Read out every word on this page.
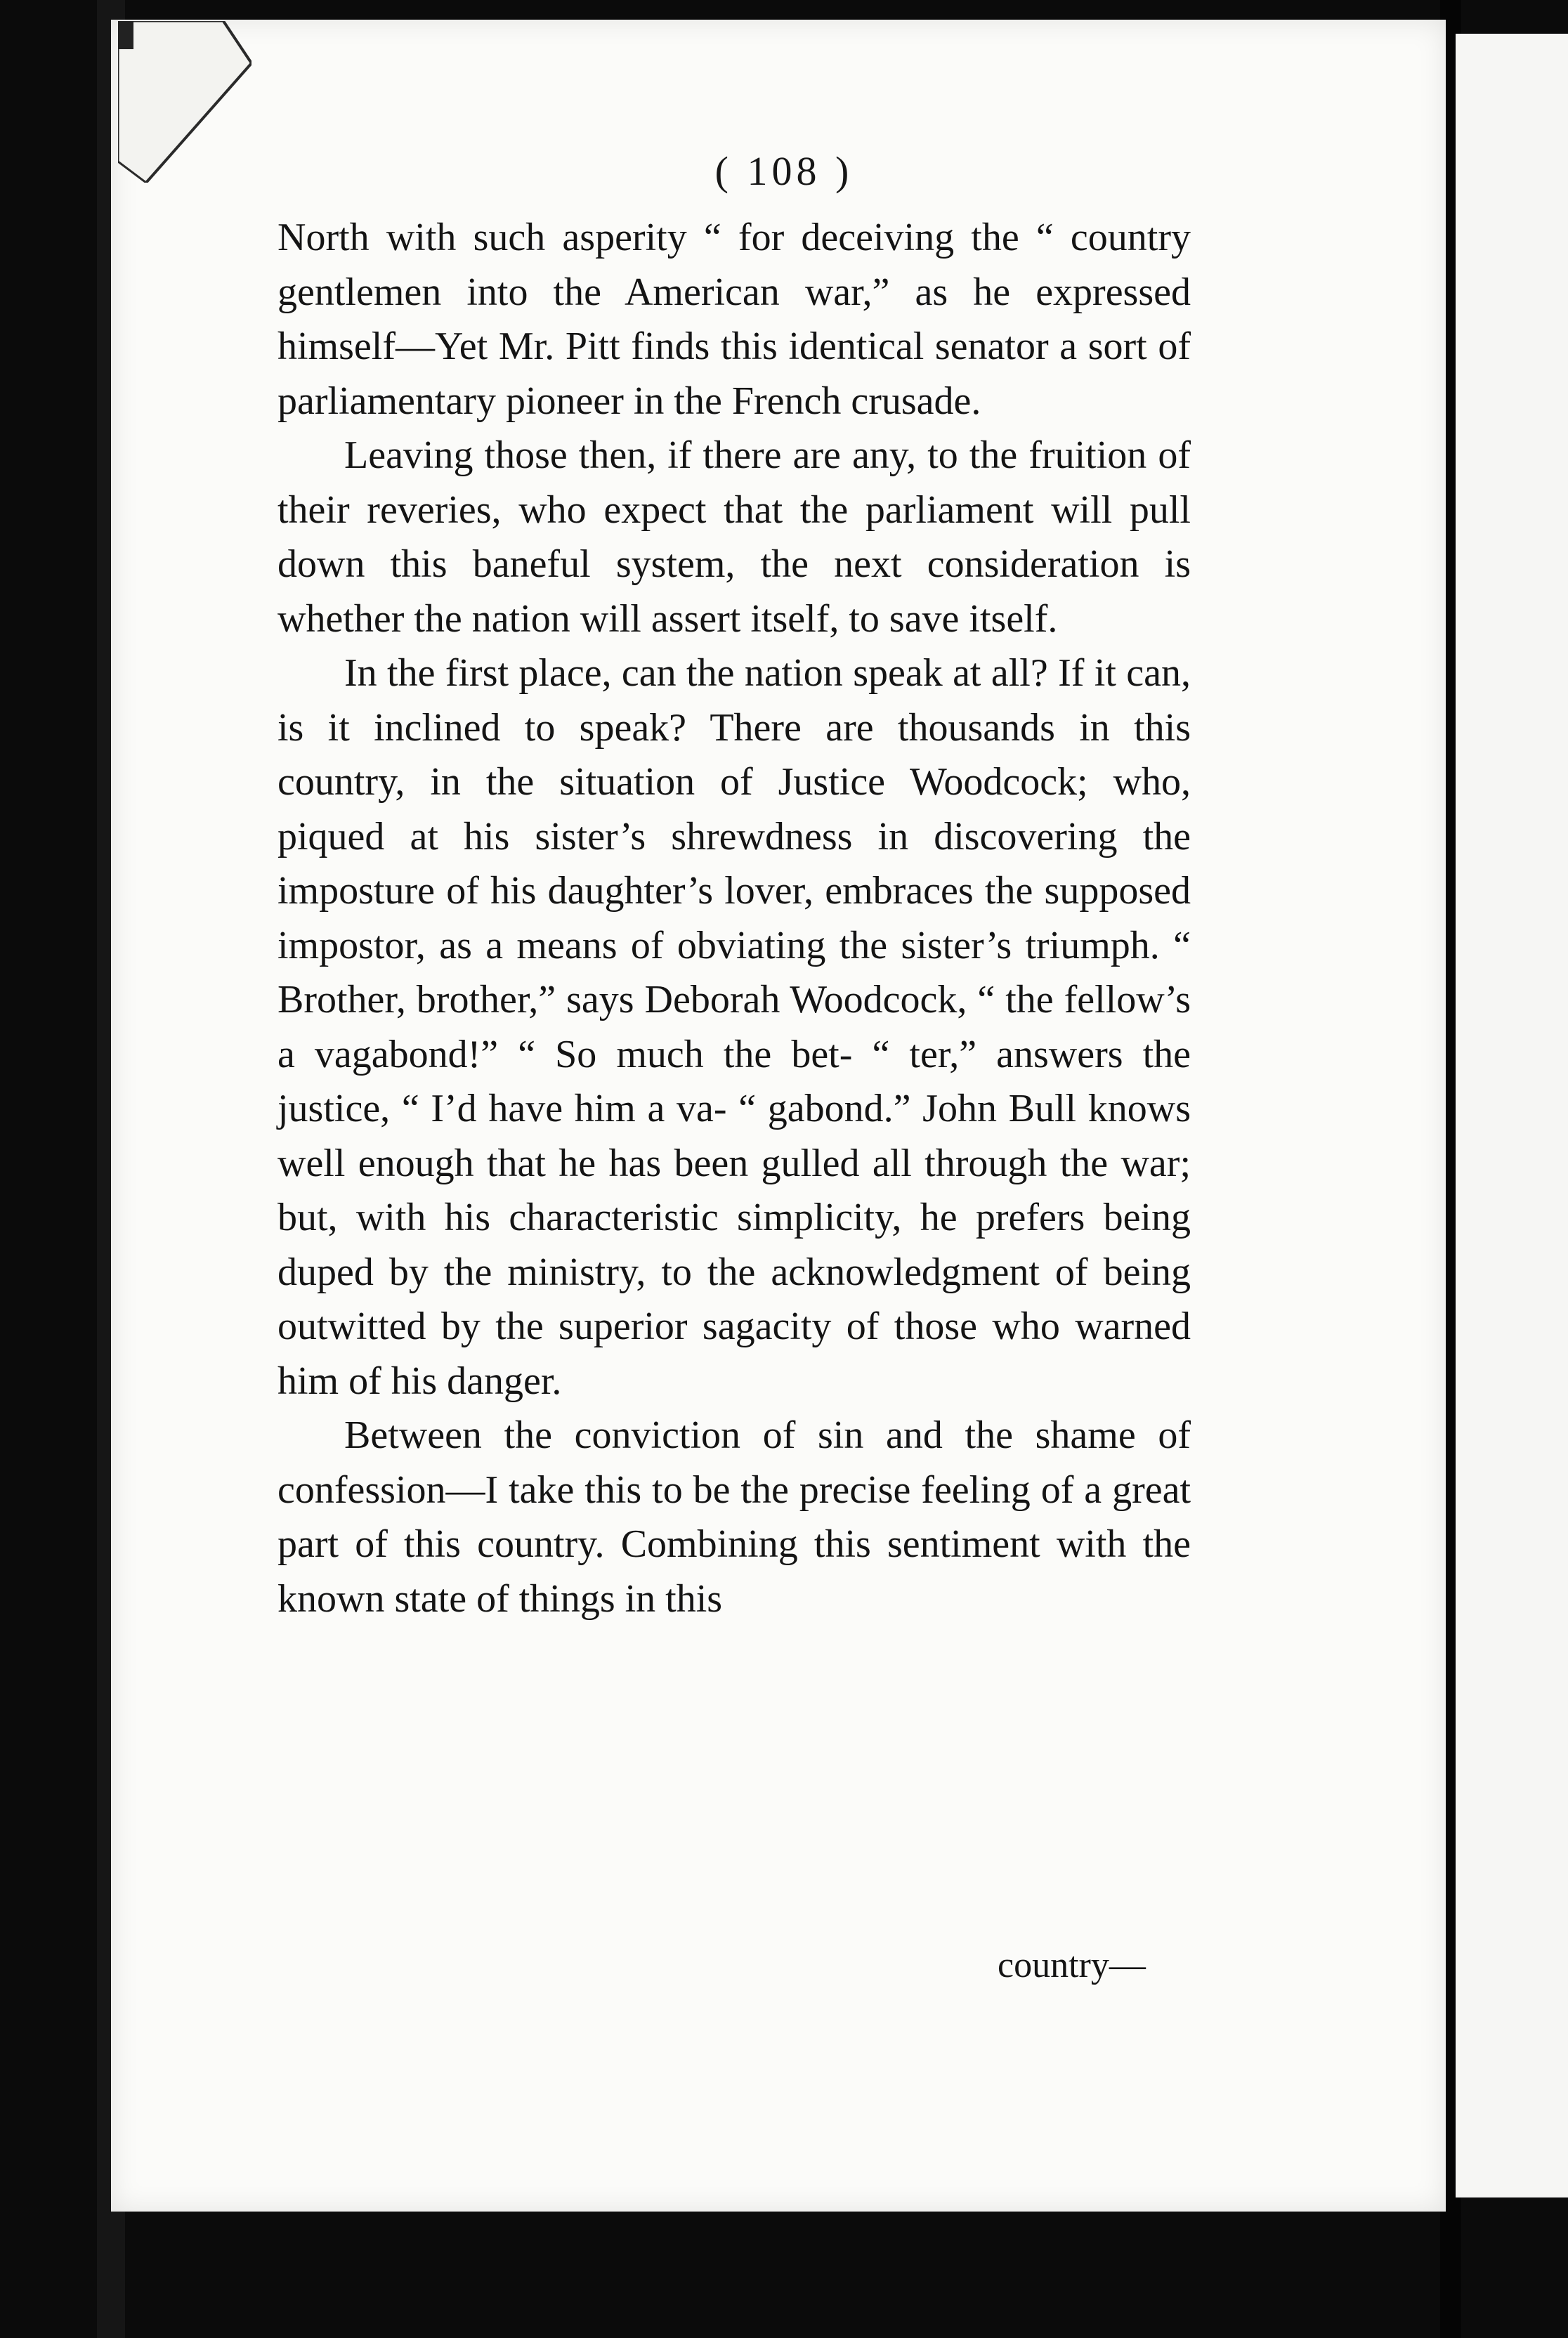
( 108 )

North with such asperity “ for deceiving the “ country gentlemen into the American war,” as he expressed himself—Yet Mr. Pitt finds this identical senator a sort of parliamentary pioneer in the French crusade.

Leaving those then, if there are any, to the fruition of their reveries, who expect that the parliament will pull down this baneful system, the next consideration is whether the nation will assert itself, to save itself.

In the first place, can the nation speak at all? If it can, is it inclined to speak? There are thousands in this country, in the situation of Justice Woodcock; who, piqued at his sister’s shrewdness in discovering the imposture of his daughter’s lover, embraces the supposed impostor, as a means of obviating the sister’s triumph. “ Brother, brother,” says Deborah Woodcock, “ the fellow’s a vagabond!” “ So much the bet- “ ter,” answers the justice, “ I’d have him a va- “ gabond.” John Bull knows well enough that he has been gulled all through the war; but, with his characteristic simplicity, he prefers being duped by the ministry, to the acknowledgment of being outwitted by the superior sagacity of those who warned him of his danger.

Between the conviction of sin and the shame of confession—I take this to be the precise feeling of a great part of this country. Combining this sentiment with the known state of things in this

country—
